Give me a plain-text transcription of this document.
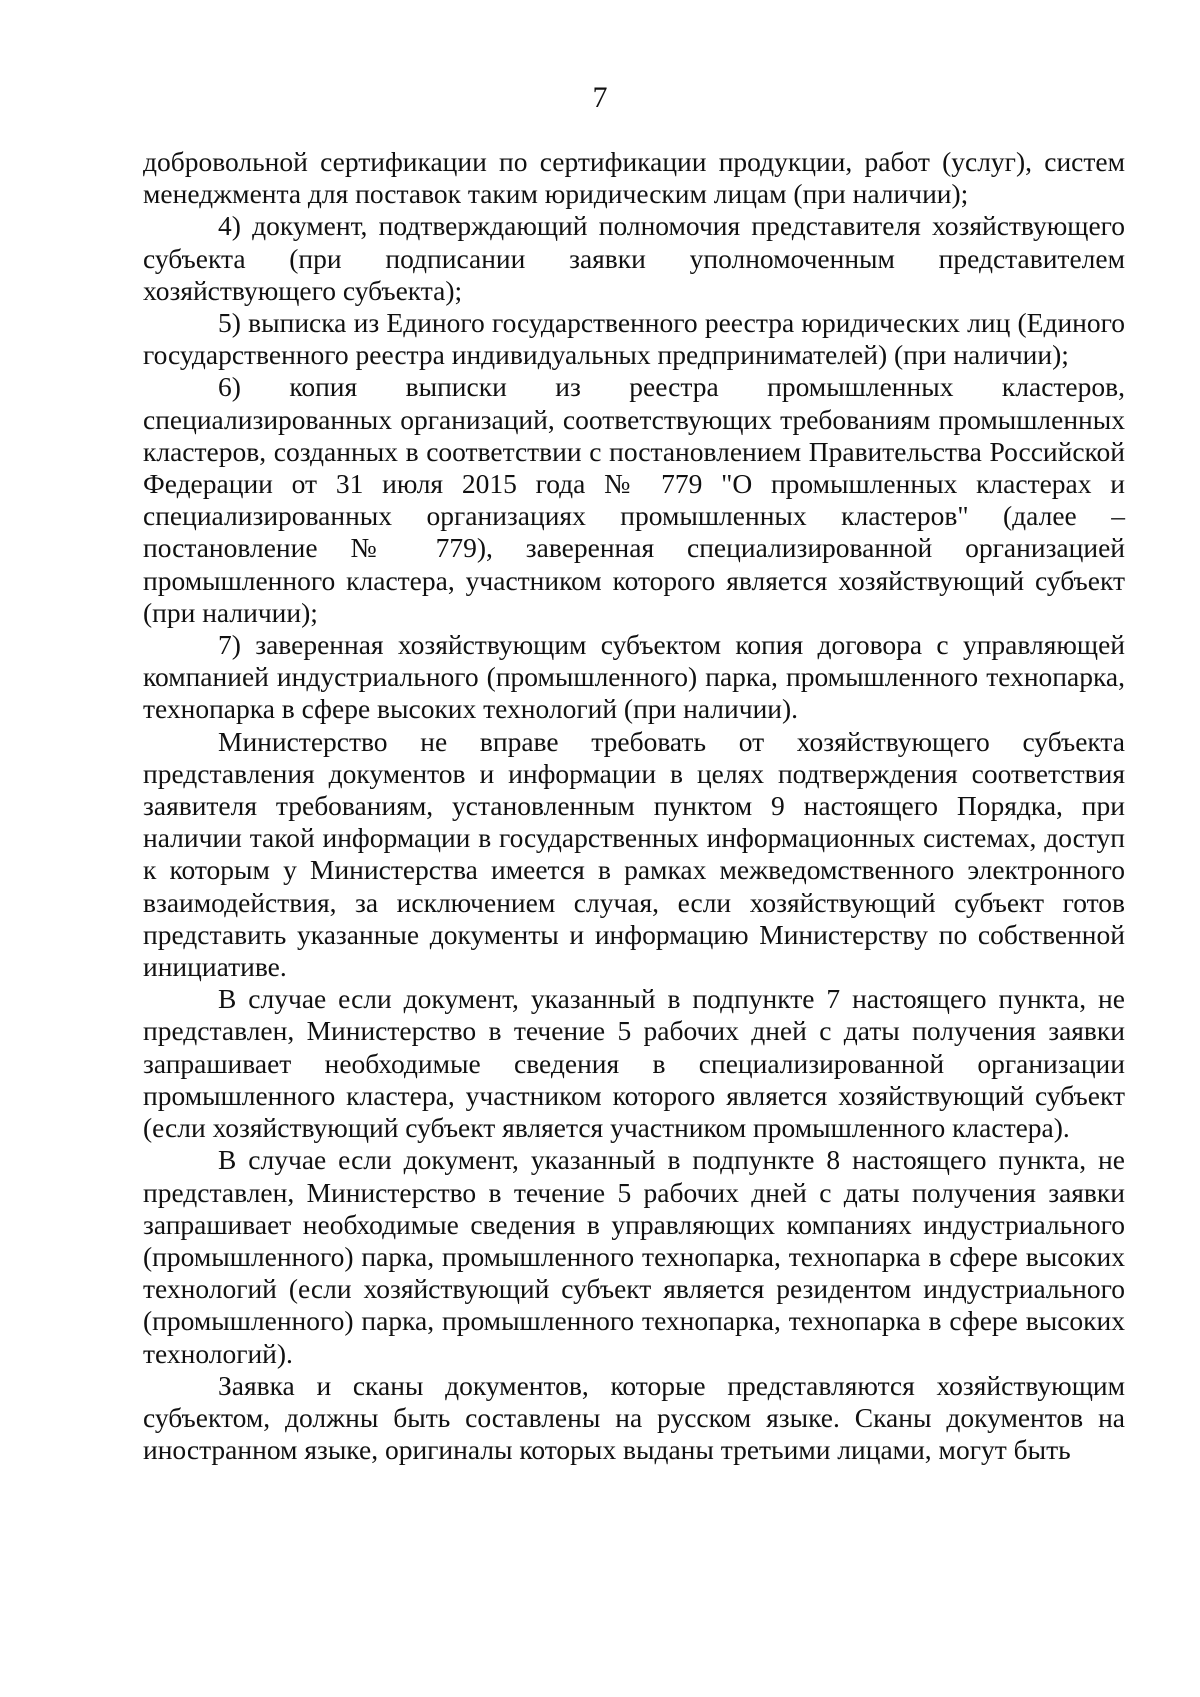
7

добровольной сертификации по сертификации продукции, работ (услуг), систем менеджмента для поставок таким юридическим лицам (при наличии);

4) документ, подтверждающий полномочия представителя хозяйствующего субъекта (при подписании заявки уполномоченным представителем хозяйствующего субъекта);

5) выписка из Единого государственного реестра юридических лиц (Единого государственного реестра индивидуальных предпринимателей) (при наличии);

6) копия выписки из реестра промышленных кластеров, специализированных организаций, соответствующих требованиям промышленных кластеров, созданных в соответствии с постановлением Правительства Российской Федерации от 31 июля 2015 года № 779 "О промышленных кластерах и специализированных организациях промышленных кластеров" (далее – постановление № 779), заверенная специализированной организацией промышленного кластера, участником которого является хозяйствующий субъект (при наличии);

7) заверенная хозяйствующим субъектом копия договора с управляющей компанией индустриального (промышленного) парка, промышленного технопарка, технопарка в сфере высоких технологий (при наличии).

Министерство не вправе требовать от хозяйствующего субъекта представления документов и информации в целях подтверждения соответствия заявителя требованиям, установленным пунктом 9 настоящего Порядка, при наличии такой информации в государственных информационных системах, доступ к которым у Министерства имеется в рамках межведомственного электронного взаимодействия, за исключением случая, если хозяйствующий субъект готов представить указанные документы и информацию Министерству по собственной инициативе.

В случае если документ, указанный в подпункте 7 настоящего пункта, не представлен, Министерство в течение 5 рабочих дней с даты получения заявки запрашивает необходимые сведения в специализированной организации промышленного кластера, участником которого является хозяйствующий субъект (если хозяйствующий субъект является участником промышленного кластера).

В случае если документ, указанный в подпункте 8 настоящего пункта, не представлен, Министерство в течение 5 рабочих дней с даты получения заявки запрашивает необходимые сведения в управляющих компаниях индустриального (промышленного) парка, промышленного технопарка, технопарка в сфере высоких технологий (если хозяйствующий субъект является резидентом индустриального (промышленного) парка, промышленного технопарка, технопарка в сфере высоких технологий).

Заявка и сканы документов, которые представляются хозяйствующим субъектом, должны быть составлены на русском языке. Сканы документов на иностранном языке, оригиналы которых выданы третьими лицами, могут быть
